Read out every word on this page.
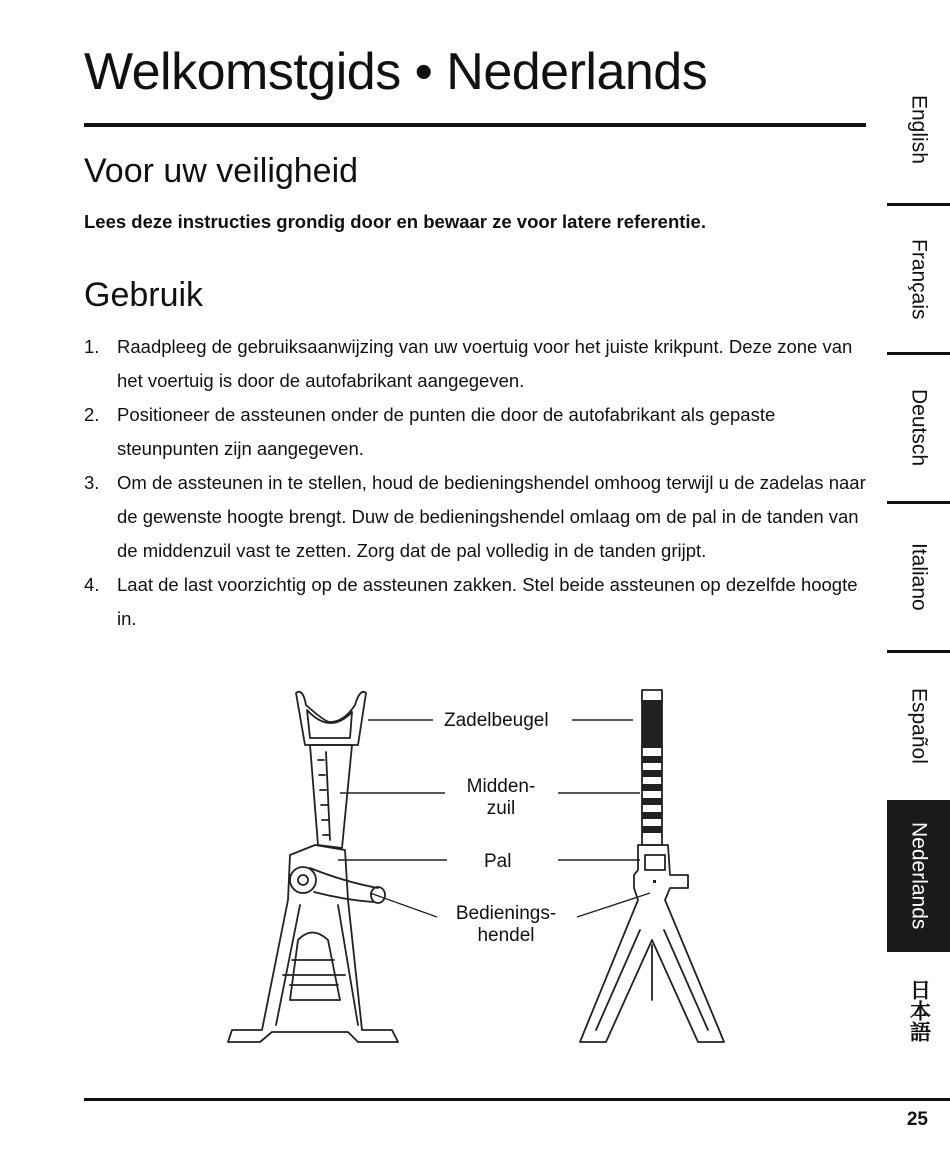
Welkomstgids • Nederlands
Voor uw veiligheid

Lees deze instructies grondig door en bewaar ze voor latere referentie.

Gebruik
1. Raadpleeg de gebruiksaanwijzing van uw voertuig voor het juiste krikpunt. Deze zone van het voertuig is door de autofabrikant aangegeven.
2. Positioneer de assteunen onder de punten die door de autofabrikant als gepaste steunpunten zijn aangegeven.
3. Om de assteunen in te stellen, houd de bedieningshendel omhoog terwijl u de zadelas naar de gewenste hoogte brengt. Duw de bedieningshendel omlaag om de pal in de tanden van de middenzuil vast te zetten. Zorg dat de pal volledig in de tanden grijpt.
4. Laat de last voorzichtig op de assteunen zakken. Stel beide assteunen op dezelfde hoogte in.
Zadelbeugel
Midden-
zuil
Pal
Bedienings-
hendel
English
Français
Deutsch
Italiano
Español
Nederlands
日本語
25
